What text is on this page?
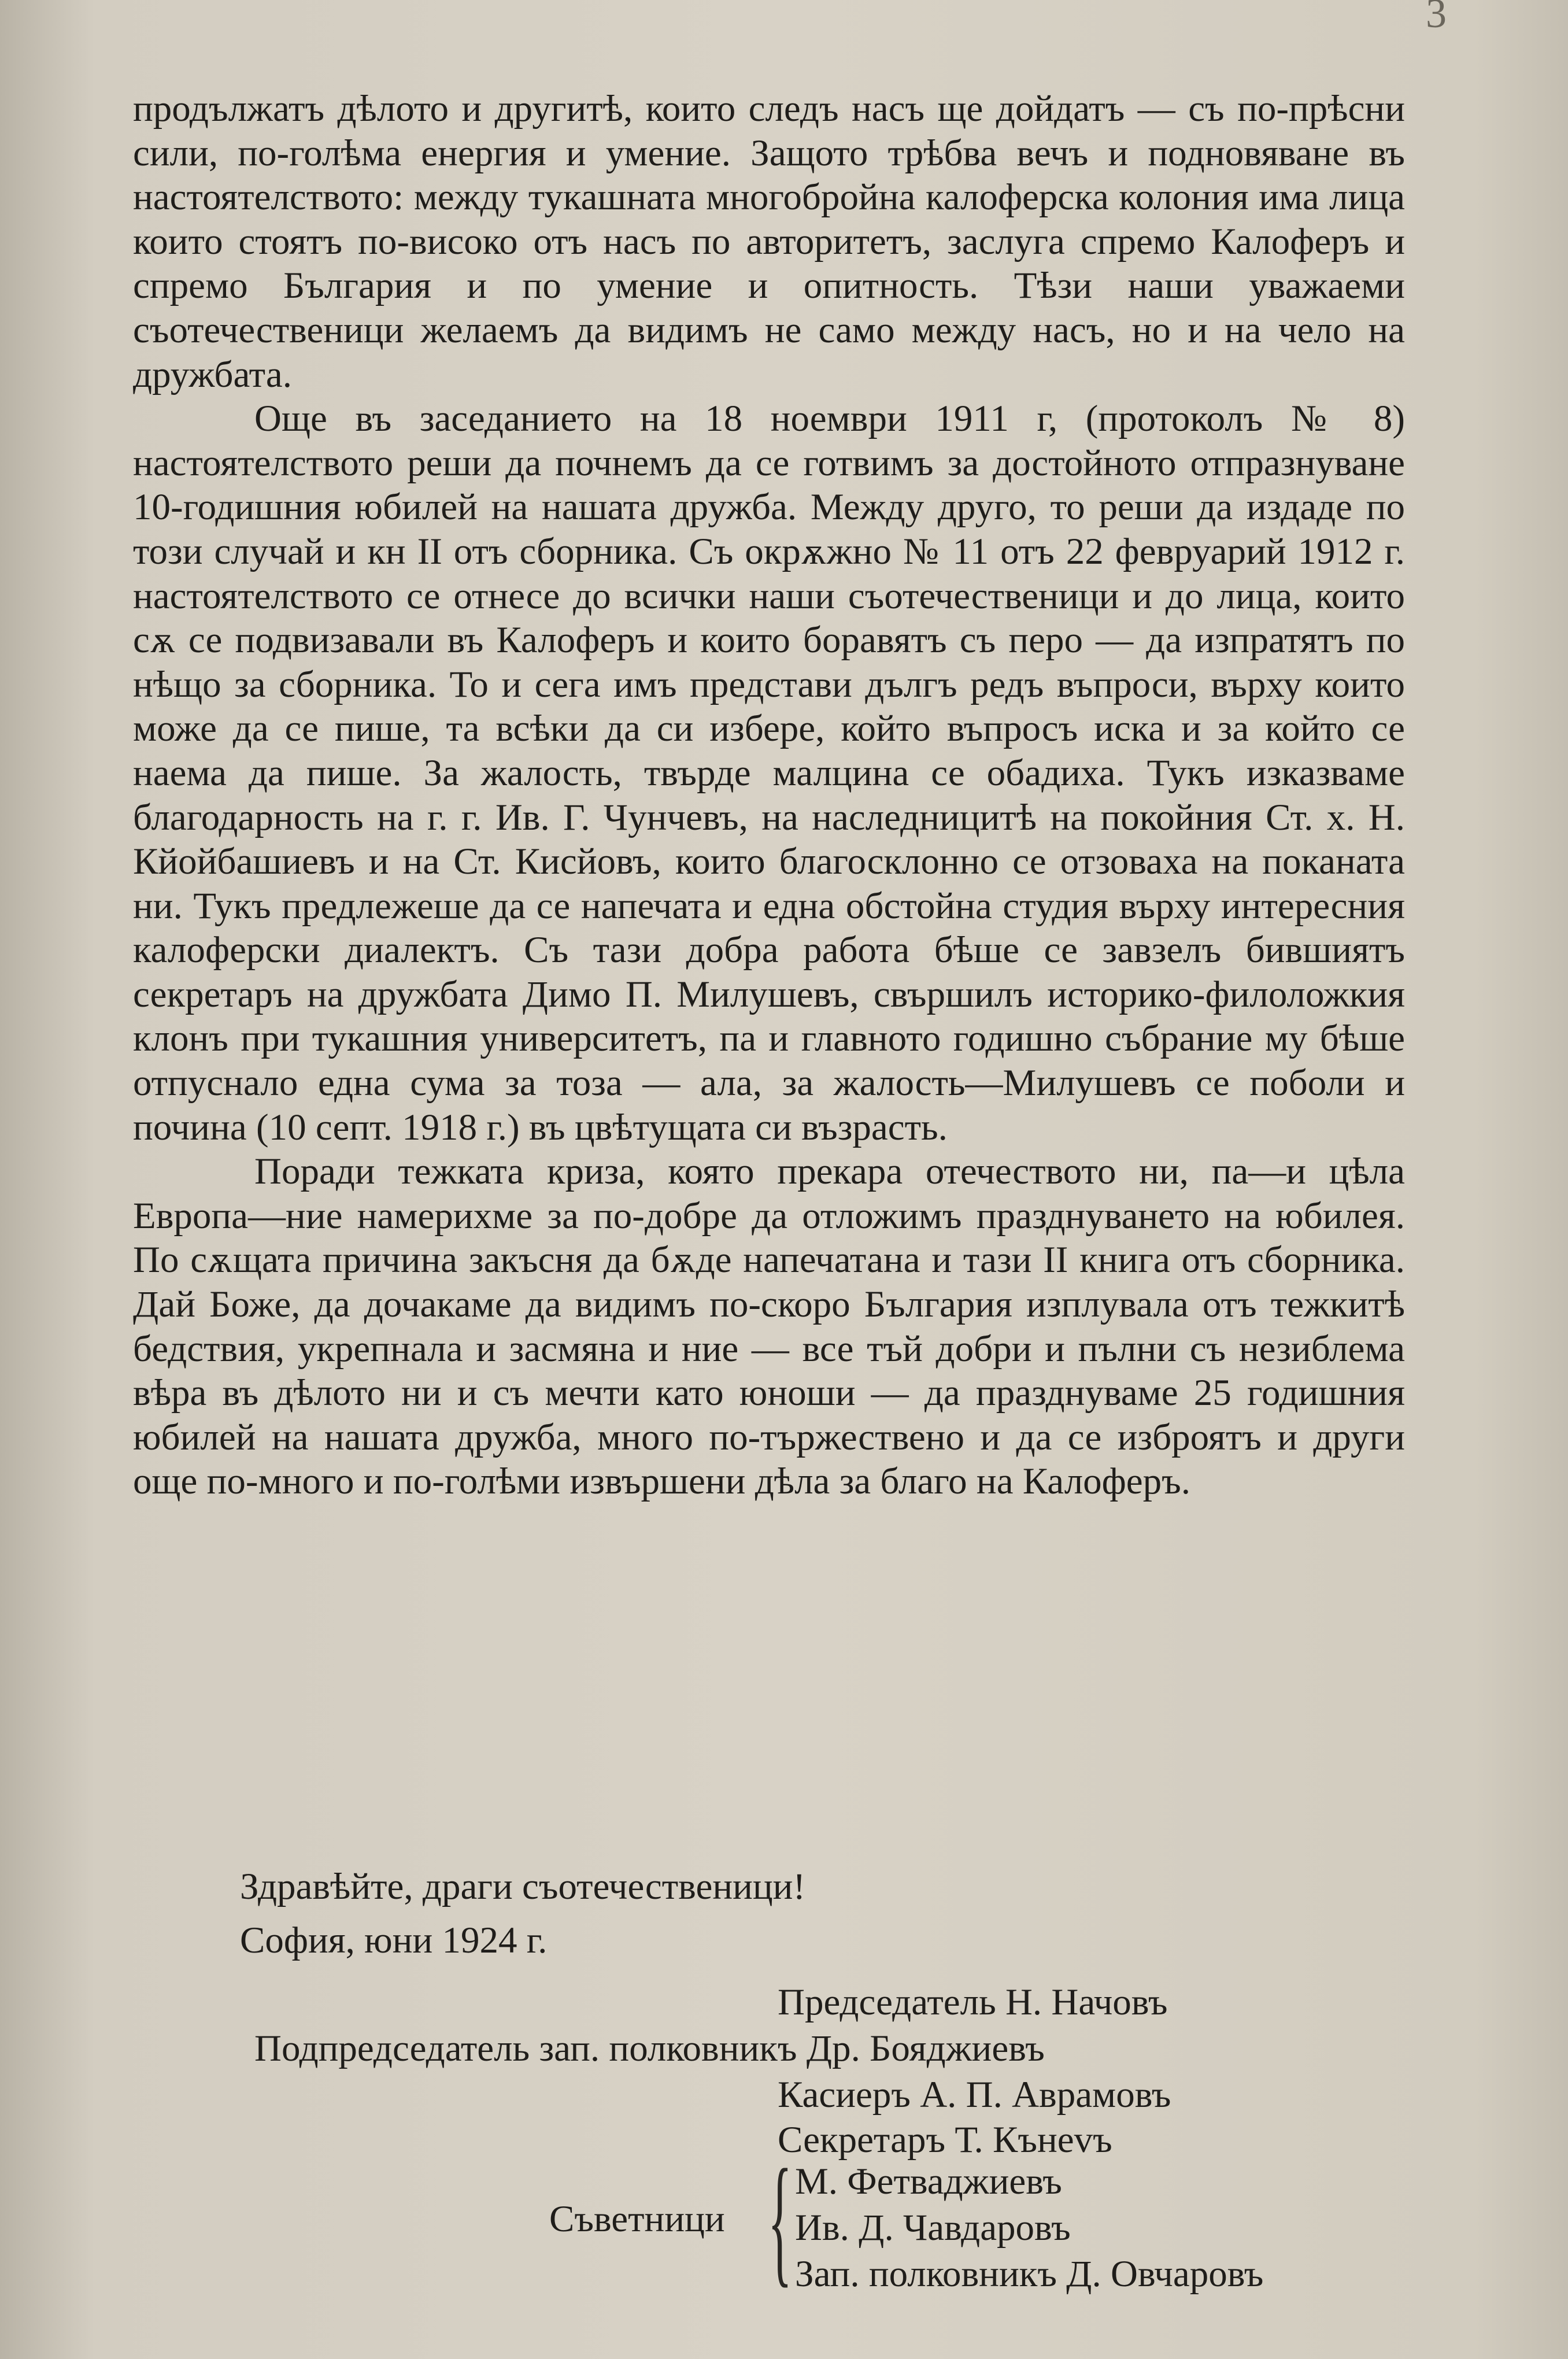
3

продължатъ дѣлото и другитѣ, които следъ насъ ще дойдатъ — съ по-прѣсни сили, по-голѣма енергия и умение. Защото трѣбва вечъ и подновяване въ настоятелството: между тукашната многобройна калоферска колония има лица които стоятъ по-високо отъ насъ по авторитетъ, заслуга спремо Калоферъ и спремо България и по умение и опитность. Тѣзи наши уважаеми съотечественици желаемъ да видимъ не само между насъ, но и на чело на дружбата.

Още въ заседанието на 18 ноември 1911 г, (протоколъ № 8) настоятелството реши да почнемъ да се готвимъ за достойното отпразнуване 10-годишния юбилей на нашата дружба. Между друго, то реши да издаде по този случай и кн II отъ сборника. Съ окрѫжно № 11 отъ 22 февруарий 1912 г. настоятелството се отнесе до всички наши съотечественици и до лица, които сѫ се подвизавали въ Калоферъ и които боравятъ съ перо — да изпратятъ по нѣщо за сборника. То и сега имъ представи дългъ редъ въпроси, върху които може да се пише, та всѣки да си избере, който въпросъ иска и за който се наема да пише. За жалость, твърде малцина се обадиха. Тукъ изказваме благодарность на г. г. Ив. Г. Чунчевъ, на наследницитѣ на покойния Ст. х. Н. Кйойбашиевъ и на Ст. Кисйовъ, които благосклонно се отзоваха на поканата ни. Тукъ предлежеше да се напечата и една обстойна студия върху интересния калоферски диалектъ. Съ тази добра работа бѣше се завзелъ бившиятъ секретаръ на дружбата Димо П. Милушевъ, свършилъ историко-филоложкия клонъ при тукашния университетъ, па и главното годишно събрание му бѣше отпуснало една сума за тоза — ала, за жалость—Милушевъ се поболи и почина (10 септ. 1918 г.) въ цвѣтущата си възрасть.

Поради тежката криза, която прекара отечеството ни, па—и цѣла Европа—ние намерихме за по-добре да отложимъ празднуването на юбилея. По сѫщата причина закъсня да бѫде напечатана и тази II книга отъ сборника. Дай Боже, да дочакаме да видимъ по-скоро България изплувала отъ тежкитѣ бедствия, укрепнала и засмяна и ние — все тъй добри и пълни съ незиблема вѣра въ дѣлото ни и съ мечти като юноши — да празднуваме 25 годишния юбилей на нашата дружба, много по-тържествено и да се изброятъ и други още по-много и по-голѣми извършени дѣла за благо на Калоферъ.

Здравѣйте, драги съотечественици!
София, юни 1924 г.
Председатель Н. Начовъ
Подпредседатель зап. полковникъ Др. Бояджиевъ
Касиеръ А. П. Аврамовъ
Секретаръ Т. Кънevъ
Съветници { М. Фетваджиевъ
Ив. Д. Чавдаровъ
Зап. полковникъ Д. Овчаровъ
